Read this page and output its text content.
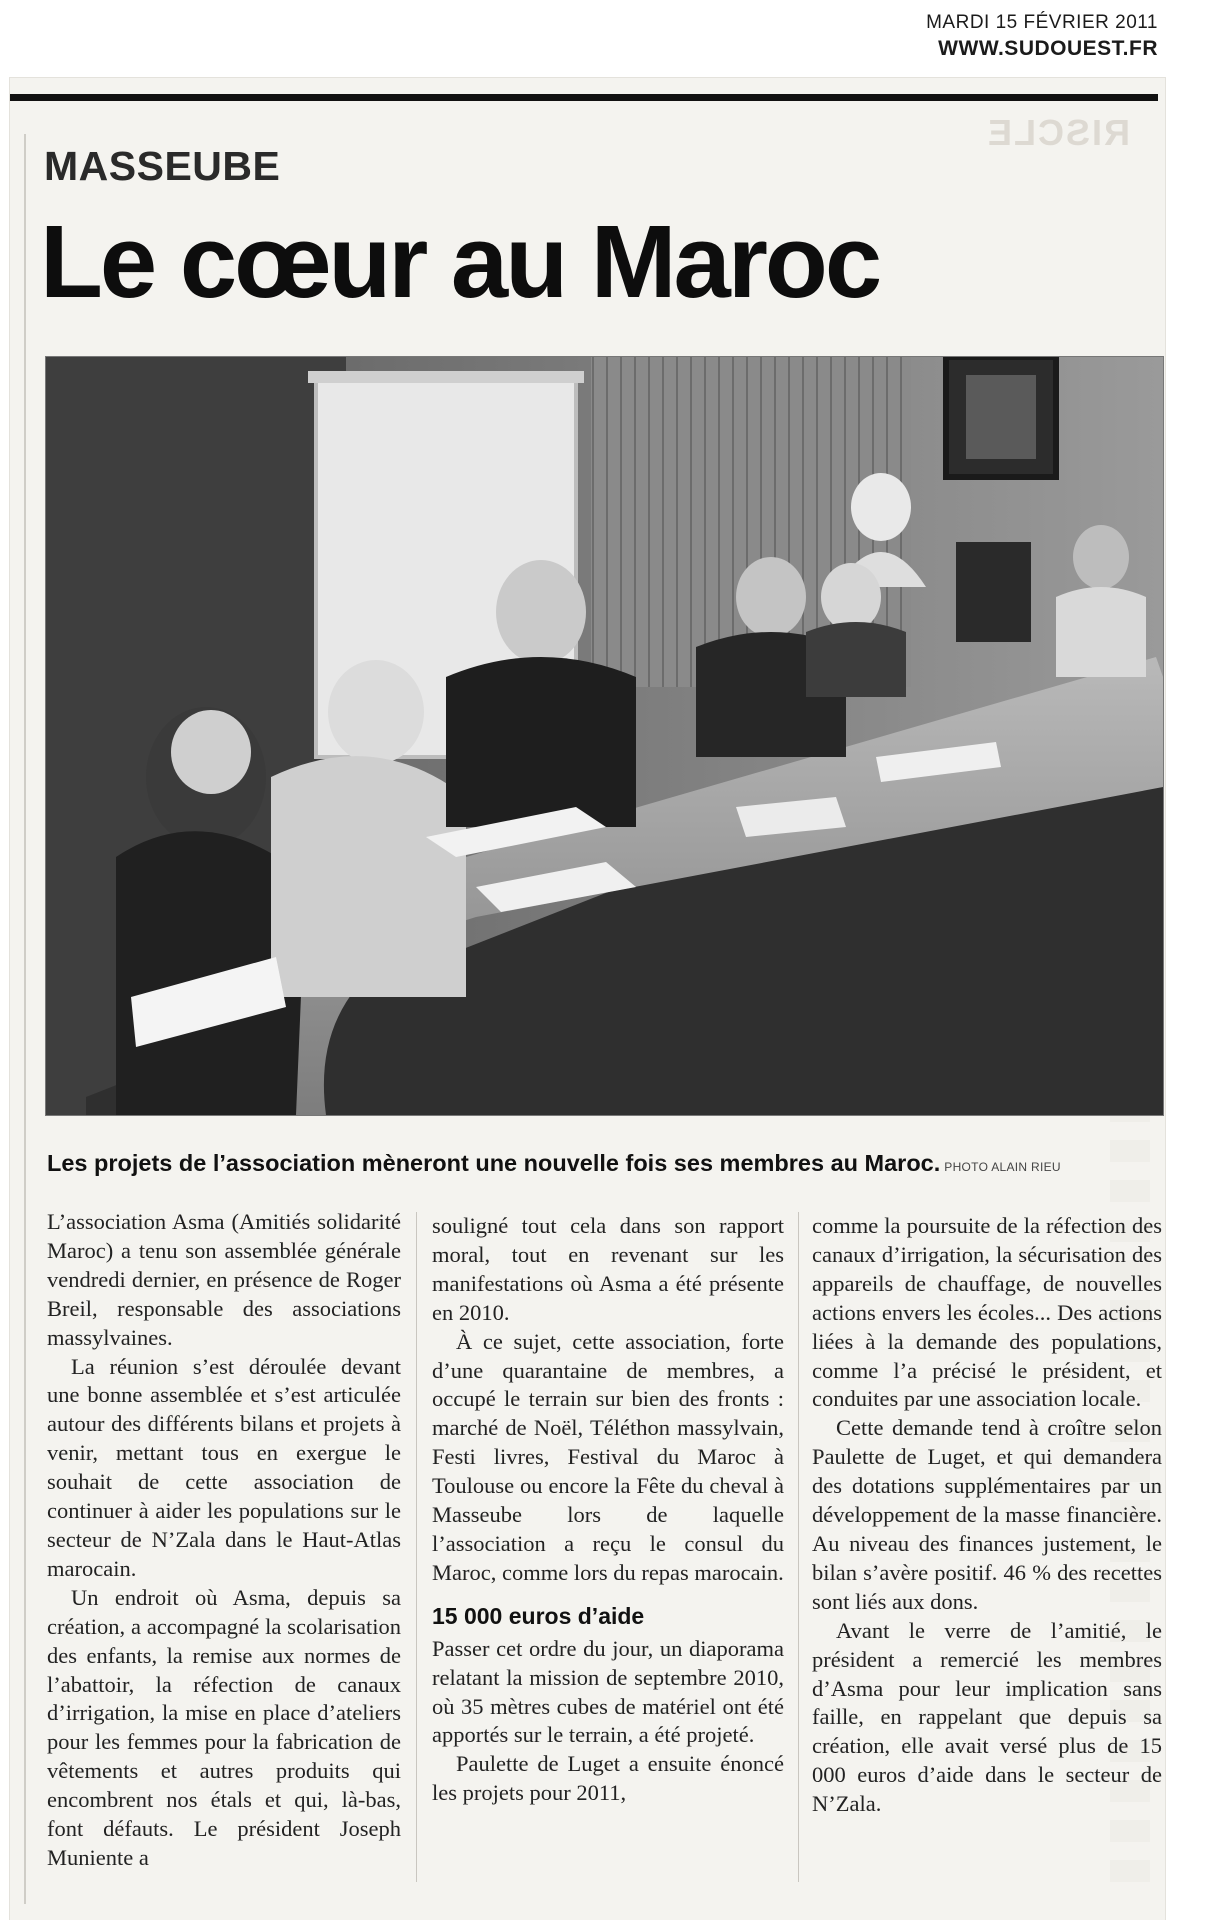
RISCLE
MARDI 15 FÉVRIER 2011
WWW.SUDOUEST.FR
MASSEUBE
Le cœur au Maroc
Les projets de l’association mèneront une nouvelle fois ses membres au Maroc. PHOTO ALAIN RIEU

L’association Asma (Amitiés solidarité Maroc) a tenu son assemblée générale vendredi dernier, en présence de Roger Breil, responsable des associations massylvaines.

La réunion s’est déroulée devant une bonne assemblée et s’est articulée autour des différents bilans et projets à venir, mettant tous en exergue le souhait de cette association de continuer à aider les populations sur le secteur de N’Zala dans le Haut-Atlas marocain.

Un endroit où Asma, depuis sa création, a accompagné la scolarisation des enfants, la remise aux normes de l’abattoir, la réfection de canaux d’irrigation, la mise en place d’ateliers pour les femmes pour la fabrication de vêtements et autres produits qui encombrent nos étals et qui, là-bas, font défauts. Le président Joseph Muniente a

souligné tout cela dans son rapport moral, tout en revenant sur les manifestations où Asma a été présente en 2010.

À ce sujet, cette association, forte d’une quarantaine de membres, a occupé le terrain sur bien des fronts : marché de Noël, Téléthon massylvain, Festi livres, Festival du Maroc à Toulouse ou encore la Fête du cheval à Masseube lors de laquelle l’association a reçu le consul du Maroc, comme lors du repas marocain.

15 000 euros d’aide

Passer cet ordre du jour, un diaporama relatant la mission de septembre 2010, où 35 mètres cubes de matériel ont été apportés sur le terrain, a été projeté.

Paulette de Luget a ensuite énoncé les projets pour 2011,

comme la poursuite de la réfection des canaux d’irrigation, la sécurisation des appareils de chauffage, de nouvelles actions envers les écoles... Des actions liées à la demande des populations, comme l’a précisé le président, et conduites par une association locale.

Cette demande tend à croître selon Paulette de Luget, et qui demandera des dotations supplémentaires par un développement de la masse financière. Au niveau des finances justement, le bilan s’avère positif. 46 % des recettes sont liés aux dons.

Avant le verre de l’amitié, le président a remercié les membres d’Asma pour leur implication sans faille, en rappelant que depuis sa création, elle avait versé plus de 15 000 euros d’aide dans le secteur de N’Zala.
